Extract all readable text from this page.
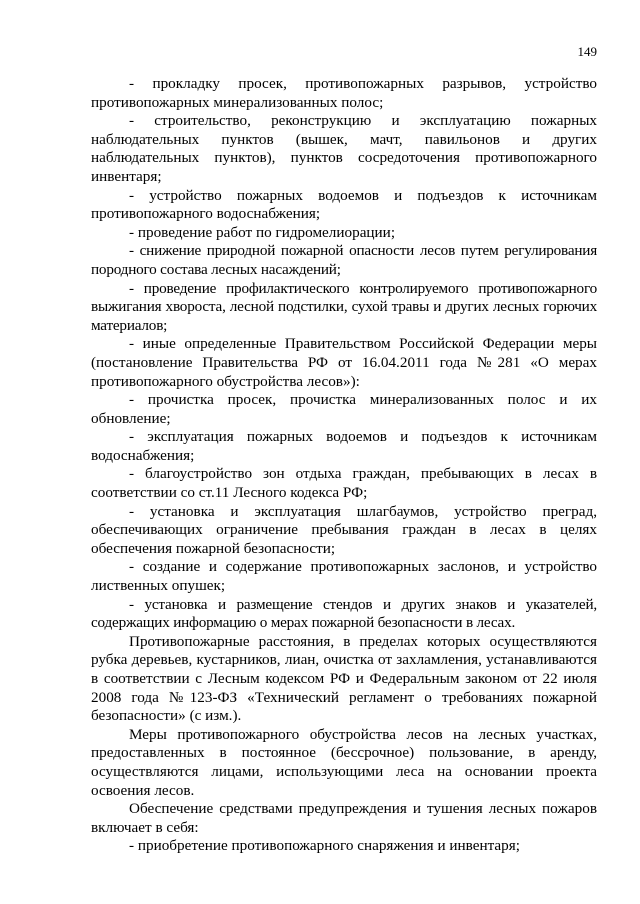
149

- прокладку просек, противопожарных разрывов, устройство противопожарных минерализованных полос;

- строительство, реконструкцию и эксплуатацию пожарных наблюдательных пунктов (вышек, мачт, павильонов и других наблюдательных пунктов), пунктов сосредоточения противопожарного инвентаря;

- устройство пожарных водоемов и подъездов к источникам противопожарного водоснабжения;

- проведение работ по гидромелиорации;

- снижение природной пожарной опасности лесов путем регулирования породного состава лесных насаждений;

- проведение профилактического контролируемого противопожарного выжигания хвороста, лесной подстилки, сухой травы и других лесных горючих материалов;

- иные определенные Правительством Российской Федерации меры (постановление Правительства РФ от 16.04.2011 года №281 «О мерах противопожарного обустройства лесов»):

- прочистка просек, прочистка минерализованных полос и их обновление;

- эксплуатация пожарных водоемов и подъездов к источникам водоснабжения;

- благоустройство зон отдыха граждан, пребывающих в лесах в соответствии со ст.11 Лесного кодекса РФ;

- установка и эксплуатация шлагбаумов, устройство преград, обеспечивающих ограничение пребывания граждан в лесах в целях обеспечения пожарной безопасности;

- создание и содержание противопожарных заслонов, и устройство лиственных опушек;

- установка и размещение стендов и других знаков и указателей, содержащих информацию о мерах пожарной безопасности в лесах.

Противопожарные расстояния, в пределах которых осуществляются рубка деревьев, кустарников, лиан, очистка от захламления, устанавливаются в соответствии с Лесным кодексом РФ и Федеральным законом от 22 июля 2008 года №123-ФЗ «Технический регламент о требованиях пожарной безопасности» (с изм.).

Меры противопожарного обустройства лесов на лесных участках, предоставленных в постоянное (бессрочное) пользование, в аренду, осуществляются лицами, использующими леса на основании проекта освоения лесов.

Обеспечение средствами предупреждения и тушения лесных пожаров включает в себя:

- приобретение противопожарного снаряжения и инвентаря;
